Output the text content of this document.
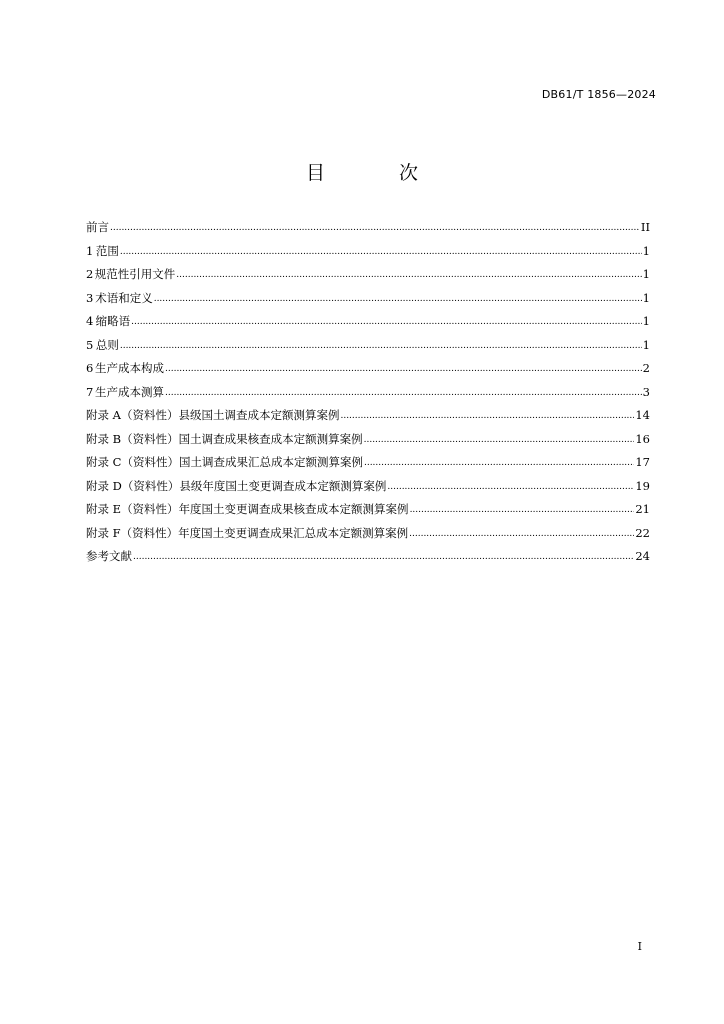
DB61/T 1856—2024
目 次
前言 .....	II
1 范围 .....	1
2 规范性引用文件 .....	1
3 术语和定义 .....	1
4 缩略语 .....	1
5 总则 .....	1
6 生产成本构成 .....	2
7 生产成本测算 .....	3
附录 A （资料性） 县级国土调查成本定额测算案例 .....	14
附录 B （资料性） 国土调查成果核查成本定额测算案例 .....	16
附录 C （资料性） 国土调查成果汇总成本定额测算案例 .....	17
附录 D （资料性） 县级年度国土变更调查成本定额测算案例 .....	19
附录 E （资料性） 年度国土变更调查成果核查成本定额测算案例 .....	21
附录 F （资料性） 年度国土变更调查成果汇总成本定额测算案例 .....	22
参考文献 .....	24
I
